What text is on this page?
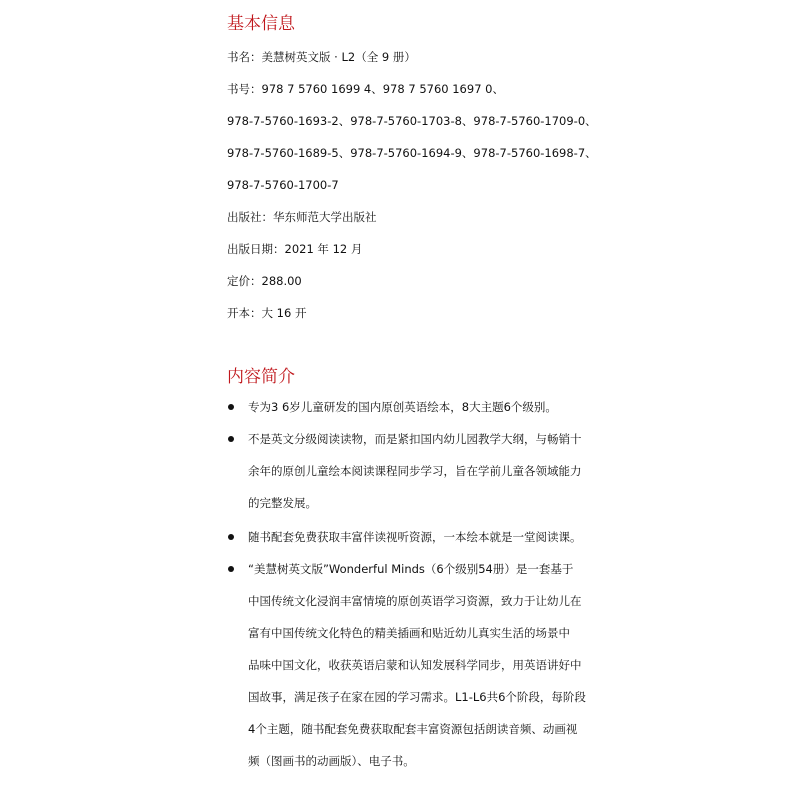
基本信息
书名：美慧树英文版 · L2（全 9 册）
书号：978 7 5760 1699 4、978 7 5760 1697 0、
978-7-5760-1693-2、978-7-5760-1703-8、978-7-5760-1709-0、
978-7-5760-1689-5、978-7-5760-1694-9、978-7-5760-1698-7、
978-7-5760-1700-7
出版社：华东师范大学出版社
出版日期：2021 年 12 月
定价：288.00
开本：大 16 开
内容简介
专为3 6岁儿童研发的国内原创英语绘本，8大主题6个级别。
不是英文分级阅读读物，而是紧扣国内幼儿园教学大纲，与畅销十
余年的原创儿童绘本阅读课程同步学习，旨在学前儿童各领域能力
的完整发展。
随书配套免费获取丰富伴读视听资源，一本绘本就是一堂阅读课。
“美慧树英文版”Wonderful Minds（6个级别54册）是一套基于
中国传统文化浸润丰富情境的原创英语学习资源，致力于让幼儿在
富有中国传统文化特色的精美插画和贴近幼儿真实生活的场景中
品味中国文化，收获英语启蒙和认知发展科学同步，用英语讲好中
国故事，满足孩子在家在园的学习需求。L1-L6共6个阶段，每阶段
4个主题，随书配套免费获取配套丰富资源包括朗读音频、动画视
频（图画书的动画版）、电子书。
